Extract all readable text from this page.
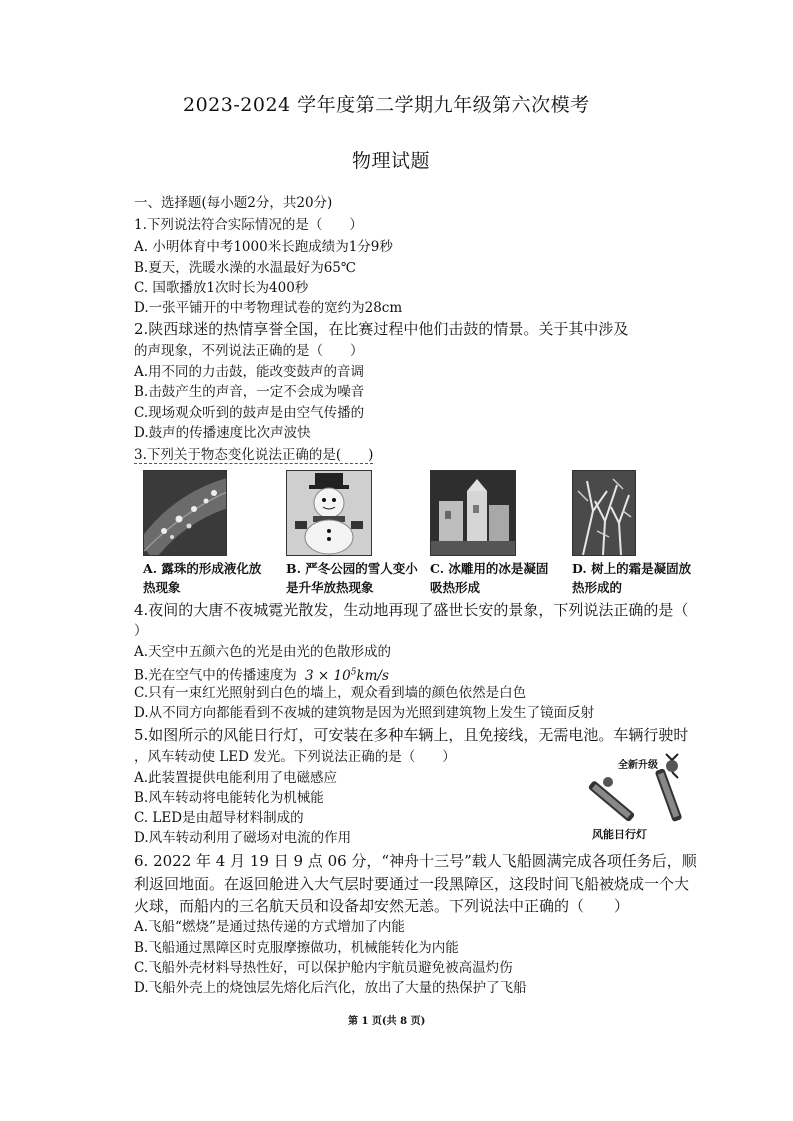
2023-2024 学年度第二学期九年级第六次模考
物理试题
一、选择题(每小题2分，共20分)
1.下列说法符合实际情况的是（　　）
A. 小明体育中考1000米长跑成绩为1分9秒
B.夏天，洗暖水澡的水温最好为65℃
C. 国歌播放1次时长为400秒
D.一张平铺开的中考物理试卷的宽约为28cm
2.陕西球迷的热情享誉全国，在比赛过程中他们击鼓的情景。关于其中涉及
的声现象，不列说法正确的是（　　）
A.用不同的力击鼓，能改变鼓声的音调
B.击鼓产生的声音，一定不会成为噪音
C.现场观众听到的鼓声是由空气传播的
D.鼓声的传播速度比次声波快
3.下列关于物态变化说法正确的是(　　)
A. 露珠的形成液化放热现象
B. 严冬公园的雪人变小是升华放热现象
C. 冰雕用的冰是凝固吸热形成
D. 树上的霜是凝固放热形成的
4.夜间的大唐不夜城霓光散发，生动地再现了盛世长安的景象，下列说法正确的是（
）
A.天空中五颜六色的光是由光的色散形成的
B.光在空气中的传播速度为 $3 \times 10^5km/s$
C.只有一束红光照射到白色的墙上，观众看到墙的颜色依然是白色
D.从不同方向都能看到不夜城的建筑物是因为光照到建筑物上发生了镜面反射
5.如图所示的风能日行灯，可安装在多种车辆上，且免接线，无需电池。车辆行驶时
，风车转动使 LED 发光。下列说法正确的是（　　）
A.此装置提供电能利用了电磁感应
B.风车转动将电能转化为机械能
C. LED是由超导材料制成的
D.风车转动利用了磁场对电流的作用
全新升级
风能日行灯
6. 2022 年 4 月 19 日 9 点 06 分，“神舟十三号”载人飞船圆满完成各项任务后，顺
利返回地面。在返回舱进入大气层时要通过一段黑障区，这段时间飞船被烧成一个大
火球，而船内的三名航天员和设备却安然无恙。下列说法中正确的（　　）
A.飞船“燃烧”是通过热传递的方式增加了内能
B.飞船通过黑障区时克服摩擦做功，机械能转化为内能
C.飞船外壳材料导热性好，可以保护舱内宇航员避免被高温灼伤
D.飞船外壳上的烧蚀层先熔化后汽化，放出了大量的热保护了飞船
第 1 页(共 8 页)
